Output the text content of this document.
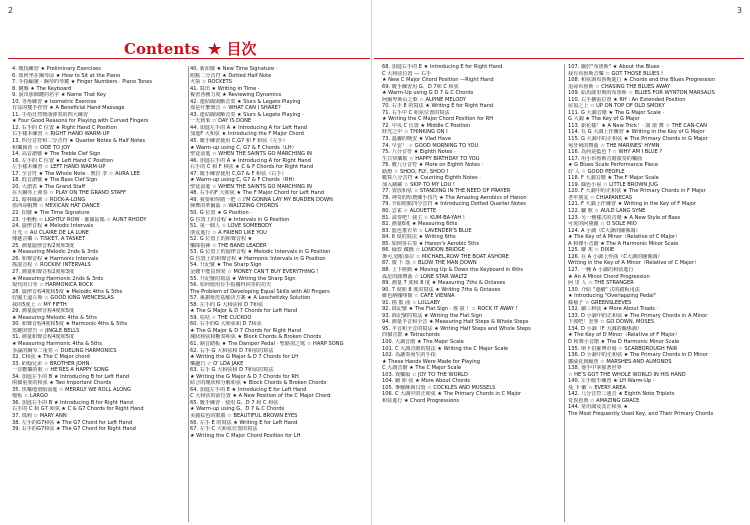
2
Contents ★ 目次
4. 暖指練習 ★ Preliminary Exercises
6. 如何坐在鋼琴前 ★ How to Sit at the Piano
7. 手指編號 · 鋼琴的琴鍵 ★ Finger Numbers · Piano Tones
8. 鍵盤 ★ The Keyboard
9. 說出那個鍵的名字 ★ Name That Key
10. 等角練習 ★ Isometric Exercise
有益的雙手控習 ★ A Beneficial Hand Massage
11. 手指自然彎曲彈奏的四大練習
★ Four Good Reasons for Playing with Curved Fingers
12. 右手的 C 位置 ★ Right Hand C Position
右手樣本練習 ☆ RIGHT HAND WARM-UP
13. 四分音符和二分音符 ★ Quarter Notes & Half Notes
和樂與者 ☆ ODE TO JOY
14. 高音譜號 ★ The Treble Clef Sign
16. 左手的 C 位置 ★ Left Hand C Position
左手樣本練習 ☆ LEFT HAND WARM-UP
17. 全音符 ★ The Whole Note · 奧拉 李 ☆ AURA LEE
18. 低音譜號 ★ The Bass Clef Sign
20. 大譜表 ★ The Grand Staff
在大鋼琴上彈奏 ☆ PLAY ON THE GRAND STAFF
21. 暗林綠調 ☆ ROCK-A-LONG
墨西哥帽舞 ☆ MEXICAN HAT DANCE
22. 拍號 ★ The Time Signature
23. 小輕輕 ☆ LIGHTLY ROW · 羅羅姑媽 ☆ AUNT RHODY
24. 旋律音程 ★ Melodic Intervals
月光 ☆ AU CLAIRE DE LA LUNE
傳遞音樂 ☆ TISKET, A TASKET
25. 測量旋律音程2度和3度
★ Measuring Melodic 2nds & 3rds
26. 和聲音程 ★ Harmonic Intervals
搖滾音程 ☆ ROCKIN' INTERVALS
27. 測量和聲音程2度和3度
★ Measuring Harmonic 2nds & 3rds
現代的口琴 ☆ HARMONICA ROCK
28. 旋律音程4度和5度 ★ Melodic 4ths & 5ths
好國王溫左斯 ☆ GOOD KING WENCESLAS
我的5度上 ☆ MY FIFTH
29. 測量旋律音程4度和5度
★ Measuring Melodic 4ths & 5ths
30. 和聲音程4度和5度 ★ Harmonic 4ths & 5ths
黑鍵的警告 ☆ JINGLE BELLS
31. 測量和聲音程4度和5度
★ Measuring Harmonic 4ths & 5ths
爭論的鋼琴二重奏 ☆ DUELING HARMONICS
32. C和弦 ★ The C Major chord
33. 約翰兄弟 ☆ BROTHER JOHN ·
一首歡樂的歌 ☆ HE'RES A HAPPY SONG
34. 加進左手的 B ★ Introducing B for Left Hand
兩個重要的和弦 ★ Two Important Chords
35. 快樂地划船前進 ☆ MERRILY WE ROLL ALONG
慢板 ☆ LARGO
36. 加進右手的 B ★ Introducing B for Right Hand
右手的 C 和 G7 和弦 ★ C & G7 Chords for Right Hand
37. 瑪莉 ☆ MARY ANN
38. 左手的G7和弦 ★ The G7 Chord for Left Hand
39. 右手的G7和弦 ★ The G7 Chord for Right Hand
40. 新拍號 ★ New Time Signature ·
附點二分音符 ★ Dotted Half Note
火箭 ☆ ROCKETS
41. 寫出 ★ Writing in Time ·
複習各種力度 ★ Reviewing Dynamics
42. 連結線與斷音奏 ★ Slurs & Legato Playing
那是什麼聲音 ☆ WHAT CAN I SHARE?
43. 連結線與斷音奏 ★ Slurs & Legato Playing ·
一天到來 ☆ DAY IS DONE
44. 加進左手的 A ★ Introducing A for Left Hand
加進F 大和弦 ★ Introducing the F Major Chord
45. 暖手練習使用 C,G7 和 F 和弦（左手）
★ Warm-up using C, G7 & F Chords（LH）
聖徒前進 ☆ WHEN THE SAINTS GO MARCHING IN
46. 加進右手的 A ★ Introducing A for Right Hand
右手的 C 和 F 和弦 ★ C & F Chords for Right Hand
47. 暖手練習使用 C,G7 & F 和弦（右手）
★ Warm-up using C, G7 & F Chords（RH）
聖徒前進 ☆ WHEN THE SAINTS GO MARCHING IN
48. 右手的F 大和弦 ★ The F Major Chord for Left Hand
49. 我要和你賭一把 ☆ I'M GONNA LAY MY BURDEN DOWN
揮舞的華爾茲 ☆ WALTZING CHORDS
50. G 位置 ★ G Position ·
G 位置上的音程 ★ Intervals in G Position
51. 第一個人 ☆ LOVE SOMEBODY
朋友進行 ☆ A FRIEND LIKE YOU
52. G 位置上的和聲音程 ★
樂隊指揮 ☆ THE BAND LEADER
53. G 位置上的旋律音程 ★ Melodic Intervals in G Position
G 位置上的和聲音程 ★ Harmonic Intervals in G Position
54. 升記號 ★ The Sharp Sign
金錢不能買到愛 ☆ MONEY CAN'T BUY EVERYTHING !
55. 升記號的寫法 ★ Writing the Sharp Sign
56. 如何使用有手指獨得同等的功夫
The Problem of Developing Equal Skills with All Fingers
57. 萊謝蒂茨基解決方案 ★ A Leschetizky Solution
58. 左手的 G 大和弦和 D 7和弦
★ The G Major & D 7 Chords for Left Hand
59. 咕咕 ☆ THE CUCKOO
60. 右手的G 大和弦和 D 7和弦
★ The G Major & D 7 Chords for Right Hand
塊狀和弦和斷奏和弦 ★ Block Chords & Broken Chords
61. 制音踏板 ★ The Damper Pedal · 聖路加之歌 ☆ HARP SONG
62. 右手 G 大和弦和 D 7和弦的寫法
★ Writing the G Major & D 7 Chords for LH
樂趣日 ☆ O' LDA JAKE
63. 右手 G 大和弦和 D 7和弦的寫法
★ Writing the G Major & D 7 Chords for RH
結合的塊狀和分解和弦 ★ Block Chords & Broken Chords
64. 加進左手的 E ★ Introducing E for Left Hand
C 大和弦的前位置 ★ A New Position of the C Major Chord
65. 暖手練習 · 使用 G、D 7 和 C 和弦
★ Warm-up using G、D 7 & C Chords
美麗棕色的眼睛 ☆ BEAUTIFUL BROWN EYES
66. 左手 E 的寫法 ★ Writing E for Left Hand
67. 左手 C 大和弦位置的寫法
★ Writing the C Major Chord Position for LH
3
68. 加進右手的 E ★ Introducing E for Right Hand
C 大和弦位置 — 右手
★ New C Major Chord Position —Right Hand
69. 暖手練習用 G、D 7和 C 和弦
★ Warm-Up using G D 7 & C Chords
阿爾卑斯山之歌 ☆ ALPINE MELODY
70. 右手 E 的寫法 ★ Writing E for Right Hand
71. 右手中 C 和弦位置的寫法
★ Writing the C Major Chord Position for RH
72. 中央 C 位置 ★ Middle C Position
時光之中 ☆ THINKING ON I
73. 溫馨的晚安 ★ Vlad Have
74. 早安！ ☆ GOOD MORNING TO YOU
75. 八分音符 ★ Eighth Notes ·
生日快樂歌 ☆ HAPPY BIRTHDAY TO YOU
76. 數八分音符 ★ More on Eighth Notes ·
路燈 ☆ SHOO, FLY, SHOO !
數算八分音符 ★ Counting Eighth Notes ·
加入跳躍 ☆ SKIP TO MY LOU !
77. 置放和弦 ☆ STANDING IN THE NEED OF PRAYER
78. 神奇的哈農練手技巧 ★ The Amazing Aerobics of Hanon
79. 介紹附點四分音符 ★ Introducing Dotted Quarter Notes
80. 雲雀 ☆ ALOUETTE
81. 請奏吧！我主 ☆ KUM-BA-YAH !
82. 測量6度 ★ Measuring 6ths
83. 藍色董衣草 ☆ LAVENDER'S BLUE
84. 6 度的寫法 ★ Writing 6ths
85. 如倒奏右奏 ★ Hanon's Aerobic 5ths
86. 倫敦 鐵橋 ☆ LONDON BRIDGE ·
麥可,划船靠岸 ☆ MICHAEL,ROW THE BOAT ASHORE
87. 微 下 落 ☆ BLOW THE MAN DOWN
88. 上下移動 ★ Moving Up & Down the Keyboard in 6ths
孤星的圓舞曲 ☆ LONE STAR WALTZ
89. 測量 7 度和 8 度 ★ Measuring 7ths & Octaves
90. 7 度和 8 度的寫法 ★ Writing 7ths & Octaves
維也納咖啡館 ☆ CAFÉ VIENNA
91. 搖 籃 曲 ☆ LULLABY
92. 降記號 ★ The Flat Sign · 搖 滾 ！☆ ROCK IT AWAY !
93. 降記號的寫法 ★ Writing the Flat Sign
94. 測量半音和全音 ★ Measuring Half Steps & Whole Steps
95. 半音和全音的寫法 ★ Writing Half Steps and Whole Steps
四個音群 ★ Tetrachords
100. 大調音階 ★ The Major Scale
101. C 大調音階的寫法 ★ Writing the C Major Scale
102. 為讓奏而生的手指
★ These Hands Were Made for Playing
C 大調音階 ★ The C Major Scale
103. 欢樂頌 ☆ JOY TO THE WORLD
104. 續 和 弦 ★ More About Chords
105. 麥咖酥與貝殼 ☆ COCKLES AND MUSSELS
106. C 大調中的正和弦 ★ The Primary Chords in C Major
和弦進行 ★ Chord Progressions
107. 關於"布魯斯" ★ About the Blues ·
我有布魯斯音樂 ☆ GOT THOSE BLUES !
108. 和弦與布魯斯進行 ★ Chords and the Blues Progression
追尋布魯斯 ☆ CHASING THE BLUES AWAY
109. 給馬薩里斯的布魯斯 ☆ BLUES FOR WYNTON MARSALIS
110. 右手擴張位置 ★ RH : An Extended Position
屋頂之上 ☆ UP ON TOP OF OLD SMOKY
111. G 大調音階 ★ The G Major Scale ·
G 大調 ★ The Key of G Major
113. 新花樣！★ A New Trick！· 康 康 舞 ☆ THE CAN-CAN
114. 在 G 大調上作練習 ★ Writing in the Key of G Major
115. G 大調中的正和弦 ★ The Primary Chords in G Major
匈牙利的舞曲 ☆ THE MARINES' HYMN
116. 為何是藍色 ? ☆ WHY AM I BLUE ?
117. 用小布魯斯音階演奏的樂曲
★ G Blues Scale Performance Piece
好 人 ☆ GOOD PEOPLE
118. F 大調音階 ★ The F Major Scale
119. 綠色小屋 ☆ LITTLE BROWN JUG
120. F 大調中的正和弦 ★ The Primary Chords in F Major
老年朋友 ☆ CHIAPANECAS
121. F 大調上作練習 ★ Writing in the Key of F Major
122. 驪 歌 ☆ AULD LANG SYNE
123. 另一種樣式的音階 ★ A New Style of Bass
可愛的阿黛麗 ☆ O SOLE MIO
124. A 小調（C大調的關係調）
★ The Key of A Minor（Relative of C Major）
A 和聲小音階 ★ The A Harmonic Minor Scale
125. 聯 邦 ☆ DIXIE
126. 在 A 小調上作曲（C大調的關係調）
Writing in the Key of A Minor（Relative of C Major）
127. 一種 A 小調的和弦進行
★ An A Minor Chord Progression
阿 里 人 ☆ THE STRANGER
130. 介紹 "連續" 式的踏板用法
★ Introducing "Overlapping Pedal"
綠袖子 ☆ GREENSLEEVES
132. 續三和弦 ★ More About Triads ·
133. D 小調中的正和弦 ★ The Primary Chords in A Minor
下坡吧！奎寧 ☆ GO DOWN, MOSES
134. D 小調（F 大調的關係調）
★ The Key of D Minor（Relative of F Major）
D 和聲小音階 ★ The D Harmonic Minor Scale
135. 斯卡伯羅博市場 ☆ SCARBOROUGH FAIR
136. D 小調中的正和弦 ★ The Primary Chords in D Minor
挪威花與鯨魚 ☆ MARSHES AND ALMONDS
138. 他手中掌握著世界
☆ HE'S GOT THE WHOLE WORLD IN HIS HAND
140. 左手暖手練習 ★ LH Warm-Up ·
曼 卡 嫩 ☆ EVERY AREA
142. 八分音符三連音 ★ Eighth Note Triplets
奇異恩典 ☆ AMAZING GRACE
144. 常用調及其正和弦 ★
The Most Frequently Used Key, and Their Primary Chords
